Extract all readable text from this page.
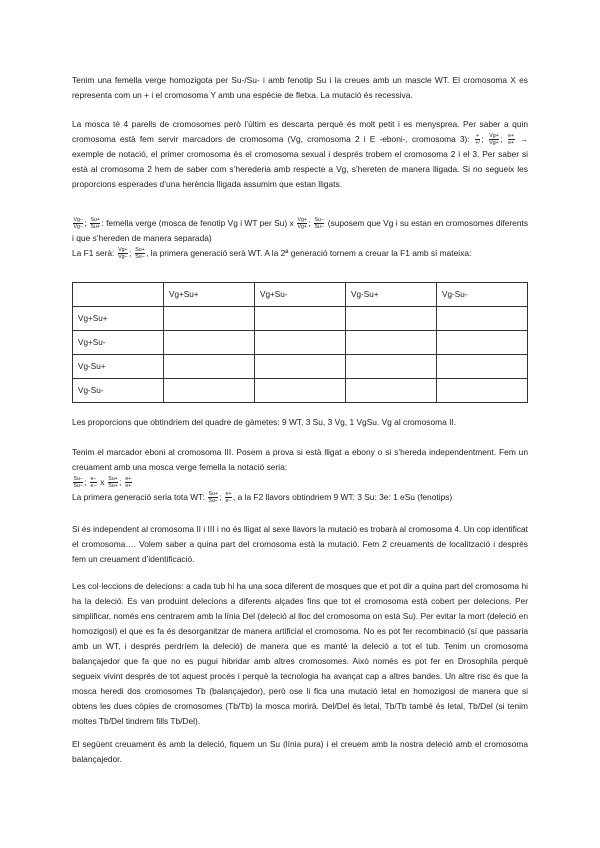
Tenim una femella verge homozigota per Su-/Su- i amb fenotip Su i la creues amb un mascle WT. El cromosoma X es representa com un + i el cromosoma Y amb una espècie de fletxa. La mutació és recessiva.

La mosca té 4 parells de cromosomes però l’últim es descarta perquè és molt petit i es menysprea. Per saber a quin cromosoma està fem servir marcadors de cromosoma (Vg, cromosoma 2 i E -eboni-, cromosoma 3): $\frac{+}{+/}$ ; $\frac{Vg+}{Vg+}$ ; $\frac{e+}{e+}$ → exemple de notació, el primer cromosoma és el cromosoma sexual i després trobem el cromosoma 2 i el 3. Per saber si està al cromosoma 2 hem de saber com s’herederia amb respecte a Vg, s’hereten de manera lligada. Si no segueix les proporcions esperades d’una herència lligada assumim que estan lligats.

$\frac{Vg-}{Vg-}$ ; $\frac{Su+}{Su+}$ : femella verge (mosca de fenotip Vg i WT per Su) x $\frac{Vg+}{Vg+}$ ; $\frac{Su-}{Su-}$ (suposem que Vg i su estan en cromosomes diferents i que s’hereden de manera separada)
La F1 serà: $\frac{Vg+}{Vg-}$ ; $\frac{Su+}{Su-}$ , la primera generació serà WT. A la 2ª generació tornem a creuar la F1 amb sí mateixa:

	Vg+Su+	Vg+Su-	Vg-Su+	Vg-Su-
Vg+Su+				
Vg+Su-				
Vg-Su+				
Vg-Su-				

Les proporcions que obtindriem del quadre de gàmetes: 9 WT, 3 Su, 3 Vg, 1 VgSu. Vg al cromosoma II.

Tenim el marcador eboni al cromosoma III. Posem a prova si està lligat a ebony o si s’hereda independentment. Fem un creuament amb una mosca verge femella la notació seria:

$\frac{Su-}{Su-}$ ; $\frac{e-}{e-}$ x $\frac{Su+}{Su+}$ ; $\frac{e+}{e+}$

La primera generació seria tota WT: $\frac{Su+}{Su-}$ ; $\frac{e+}{e-}$ , a la F2 llavors obtindriem 9 WT: 3 Su: 3e: 1 eSu (fenotips)

Si és independent al cromosoma II i III i no és lligat al sexe llavors la mutació es trobarà al cromosoma 4. Un cop identificat el cromosoma…. Volem saber a quina part del cromosoma està la mutació. Fem 2 creuaments de localització i després fem un creuament d’identificació.

Les col·leccions de delecions: a cada tub hi ha una soca diferent de mosques que et pot dir a quina part del cromosoma hi ha la deleció. Es van produint delecions a diferents alçades fins que tot el cromosoma està cobert per delecions. Per simplificar, només ens centrarem amb la línia Del (deleció al lloc del cromosoma on està Su). Per evitar la mort (deleció en homozigosi) el que es fa és desorganitzar de manera artificial el cromosoma. No es pot fer recombinació (sí que passaria amb un WT, i després perdríem la deleció) de manera que es manté la deleció a tot el tub. Tenim un cromosoma balançajedor que fa que no es pugui hibridar amb altres cromosomes. Això només es pot fer en Drosophila perquè segueix vivint després de tot aquest procés i perquè la tecnologia ha avançat cap a altres bandes. Un altre risc és que la mosca heredi dos cromosomes Tb (balançajedor), però ose li fica una mutació letal en homozigosi de manera que si obtens les dues còpies de cromosomes (Tb/Tb) la mosca morirà. Del/Del és letal, Tb/Tb també és letal, Tb/Del (si tenim moltes Tb/Del tindrem fills Tb/Del).

El següent creuament és amb la deleció, fiquem un Su (línia pura) i el creuem amb la nostra deleció amb el cromosoma balançajedor.
